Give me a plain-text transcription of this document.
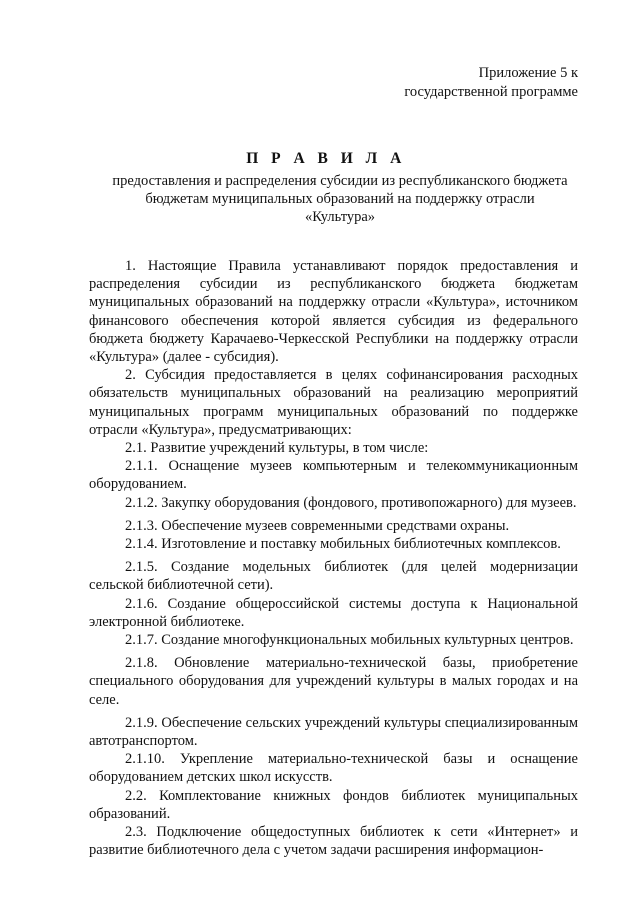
Приложение 5 к
государственной программе
П Р А В И Л А
предоставления и распределения субсидии из республиканского бюджета
бюджетам муниципальных образований на поддержку отрасли
«Культура»

1. Настоящие Правила устанавливают порядок предоставления и распределения субсидии из республиканского бюджета бюджетам муниципальных образований на поддержку отрасли «Культура», источником финансового обеспечения которой является субсидия из федерального бюджета бюджету Карачаево-Черкесской Республики на поддержку отрасли «Культура» (далее - субсидия).

2. Субсидия предоставляется в целях софинансирования расходных обязательств муниципальных образований на реализацию мероприятий муниципальных программ муниципальных образований по поддержке отрасли «Культура», предусматривающих:

2.1. Развитие учреждений культуры, в том числе:

2.1.1. Оснащение музеев компьютерным и телекоммуникационным оборудованием.

2.1.2. Закупку оборудования (фондового, противопожарного) для музеев.

2.1.3. Обеспечение музеев современными средствами охраны.

2.1.4. Изготовление и поставку мобильных библиотечных комплексов.

2.1.5. Создание модельных библиотек (для целей модернизации сельской библиотечной сети).

2.1.6. Создание общероссийской системы доступа к Национальной электронной библиотеке.

2.1.7. Создание многофункциональных мобильных культурных центров.

2.1.8. Обновление материально-технической базы, приобретение специального оборудования для учреждений культуры в малых городах и на селе.

2.1.9. Обеспечение сельских учреждений культуры специализированным автотранспортом.

2.1.10. Укрепление материально-технической базы и оснащение оборудованием детских школ искусств.

2.2. Комплектование книжных фондов библиотек муниципальных образований.

2.3. Подключение общедоступных библиотек к сети «Интернет» и развитие библиотечного дела с учетом задачи расширения информацион-
